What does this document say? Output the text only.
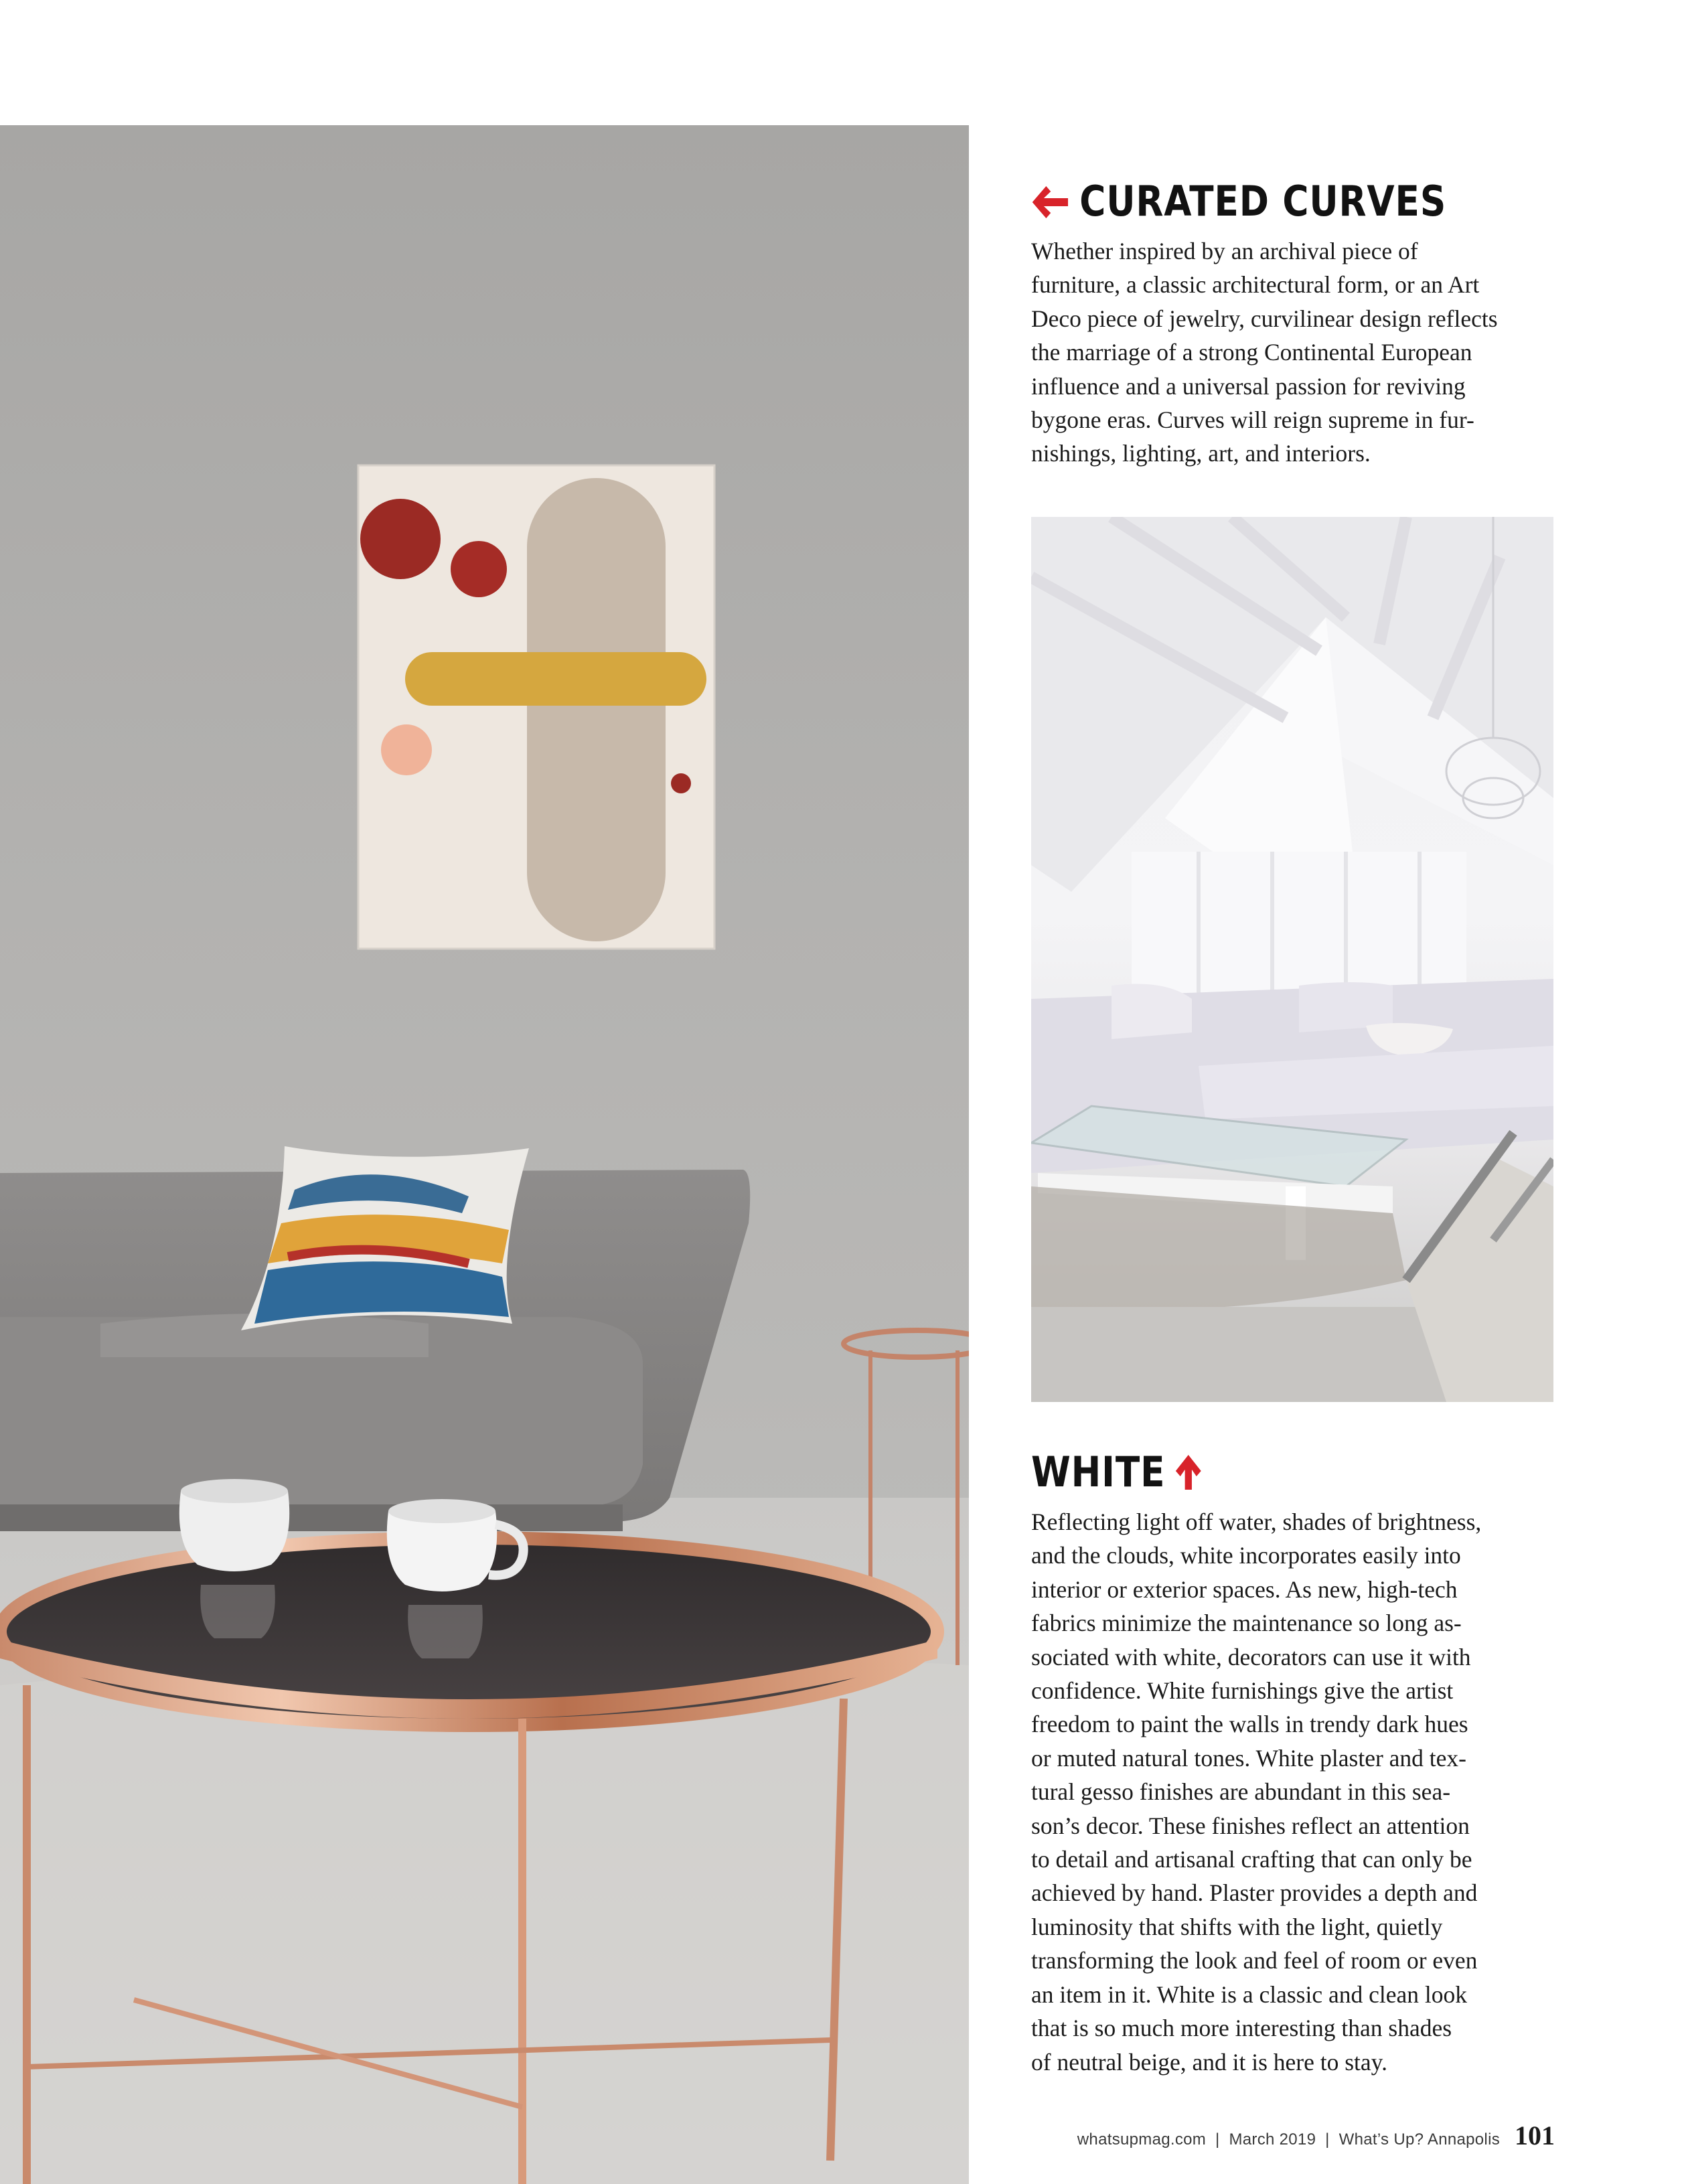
CURATED CURVES

Whether inspired by an archival piece of
furniture, a classic architectural form, or an Art
Deco piece of jewelry, curvilinear design reflects
the marriage of a strong Continental European
influence and a universal passion for reviving
bygone eras. Curves will reign supreme in fur-
nishings, lighting, art, and interiors.

WHITE

Reflecting light off water, shades of brightness,
and the clouds, white incorporates easily into
interior or exterior spaces. As new, high-tech
fabrics minimize the maintenance so long as-
sociated with white, decorators can use it with
confidence. White furnishings give the artist
freedom to paint the walls in trendy dark hues
or muted natural tones. White plaster and tex-
tural gesso finishes are abundant in this sea-
son’s decor. These finishes reflect an attention
to detail and artisanal crafting that can only be
achieved by hand. Plaster provides a depth and
luminosity that shifts with the light, quietly
transforming the look and feel of room or even
an item in it. White is a classic and clean look
that is so much more interesting than shades
of neutral beige, and it is here to stay.

whatsupmag.com  |  March 2019  |  What’s Up? Annapolis 101
